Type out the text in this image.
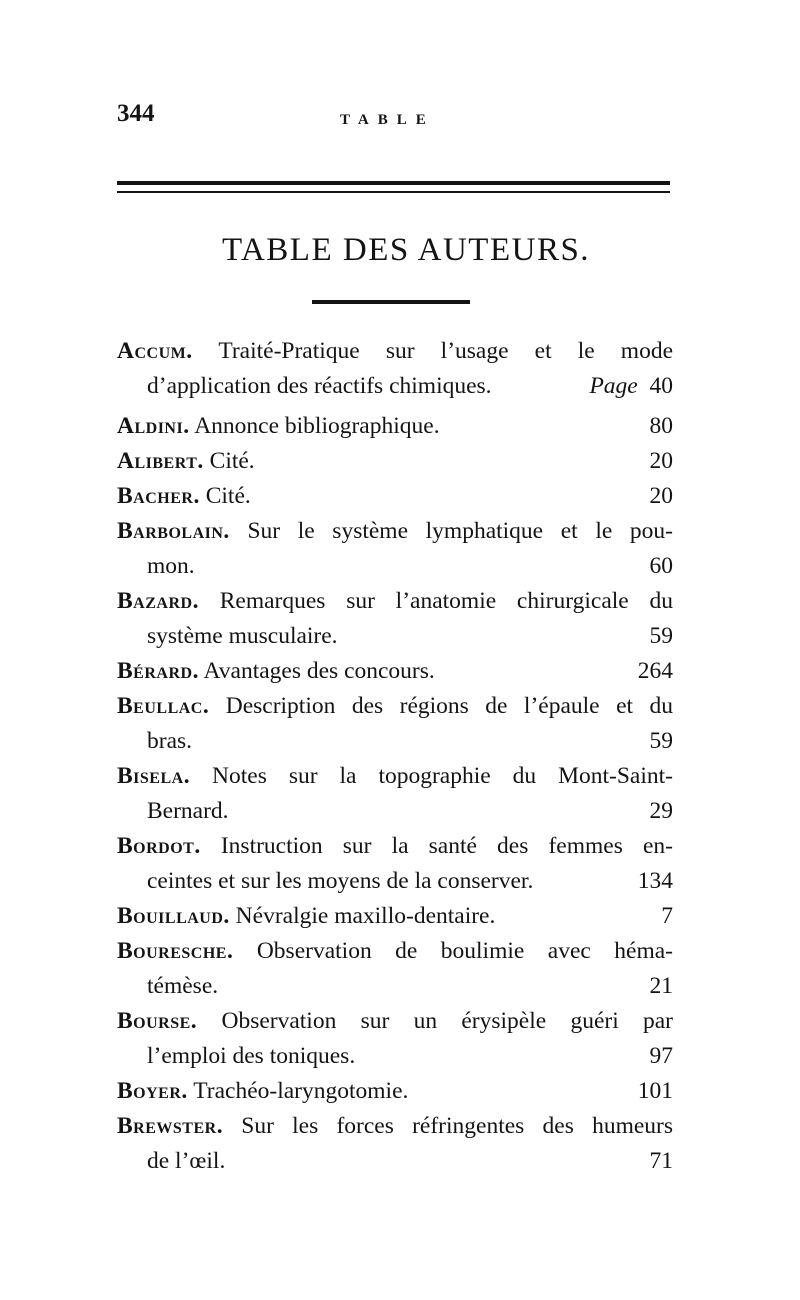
344	TABLE
TABLE DES AUTEURS.
Accum. Traité-Pratique sur l’usage et le mode
d’application des réactifs chimiques.	Page 40
Aldini. Annonce bibliographique.	80
Alibert. Cité.	20
Bacher. Cité.	20
Barbolain. Sur le système lymphatique et le pou-
mon.	60
Bazard. Remarques sur l’anatomie chirurgicale du
système musculaire.	59
Bérard. Avantages des concours.	264
Beullac. Description des régions de l’épaule et du
bras.	59
Bisela. Notes sur la topographie du Mont-Saint-
Bernard.	29
Bordot. Instruction sur la santé des femmes en-
ceintes et sur les moyens de la conserver.	134
Bouillaud. Névralgie maxillo-dentaire.	7
Bouresche. Observation de boulimie avec héma-
témèse.	21
Bourse. Observation sur un érysipèle guéri par
l’emploi des toniques.	97
Boyer. Trachéo-laryngotomie.	101
Brewster. Sur les forces réfringentes des humeurs
de l’œil.	71
